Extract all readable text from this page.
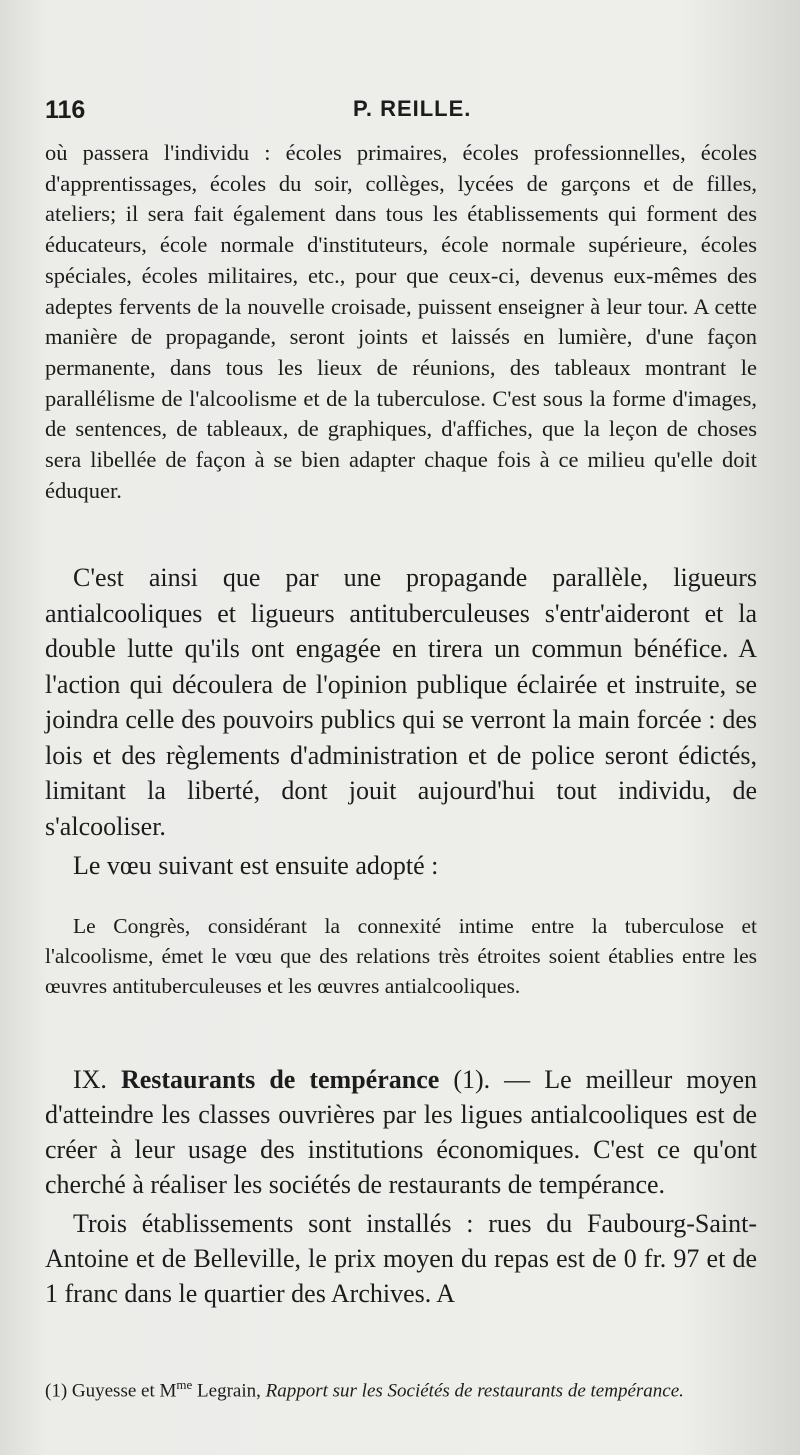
116	P. REILLE.

où passera l'individu : écoles primaires, écoles professionnelles, écoles d'apprentissages, écoles du soir, collèges, lycées de garçons et de filles, ateliers; il sera fait également dans tous les établissements qui forment des éducateurs, école normale d'instituteurs, école normale supérieure, écoles spéciales, écoles militaires, etc., pour que ceux-ci, devenus eux-mêmes des adeptes fervents de la nouvelle croisade, puissent enseigner à leur tour. A cette manière de propagande, seront joints et laissés en lumière, d'une façon permanente, dans tous les lieux de réunions, des tableaux montrant le parallélisme de l'alcoolisme et de la tuberculose. C'est sous la forme d'images, de sentences, de tableaux, de graphiques, d'affiches, que la leçon de choses sera libellée de façon à se bien adapter chaque fois à ce milieu qu'elle doit éduquer.

C'est ainsi que par une propagande parallèle, ligueurs antialcooliques et ligueurs antituberculeuses s'entr'aideront et la double lutte qu'ils ont engagée en tirera un commun bénéfice. A l'action qui découlera de l'opinion publique éclairée et instruite, se joindra celle des pouvoirs publics qui se verront la main forcée : des lois et des règlements d'administration et de police seront édictés, limitant la liberté, dont jouit aujourd'hui tout individu, de s'alcooliser.

Le vœu suivant est ensuite adopté :

Le Congrès, considérant la connexité intime entre la tuberculose et l'alcoolisme, émet le vœu que des relations très étroites soient établies entre les œuvres antituberculeuses et les œuvres antialcooliques.

IX. Restaurants de tempérance (1). — Le meilleur moyen d'atteindre les classes ouvrières par les ligues antialcooliques est de créer à leur usage des institutions économiques. C'est ce qu'ont cherché à réaliser les sociétés de restaurants de tempérance.

Trois établissements sont installés : rues du Faubourg-Saint-Antoine et de Belleville, le prix moyen du repas est de 0 fr. 97 et de 1 franc dans le quartier des Archives. A

(1) Guyesse et $M^{me}$ Legrain, Rapport sur les Sociétés de restaurants de tempérance.
